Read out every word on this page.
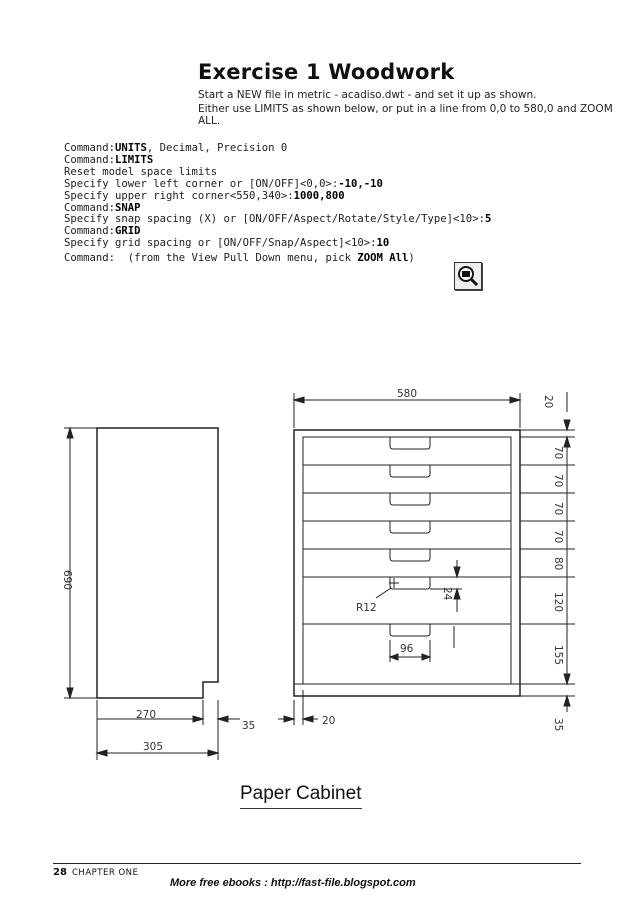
Exercise 1 Woodwork
Start a NEW file in metric - acadiso.dwt - and set it up as shown.
Either use LIMITS as shown below, or put in a line from 0,0 to 580,0 and ZOOM ALL.
Command:UNITS, Decimal, Precision 0
Command:LIMITS
Reset model space limits
Specify lower left corner or [ON/OFF]<0,0>:-10,-10
Specify upper right corner<550,340>:1000,800
Command:SNAP
Specify snap spacing (X) or [ON/OFF/Aspect/Rotate/Style/Type]<10>:5
Command:GRID
Specify grid spacing or [ON/OFF/Snap/Aspect]<10>:10
Command:  (from the View Pull Down menu, pick ZOOM All)
690
270
305
35	20
580
20
70
70
70
70
80
120
155
35
R12
24
96
Paper Cabinet
28 CHAPTER ONE
More free ebooks : http://fast-file.blogspot.com
